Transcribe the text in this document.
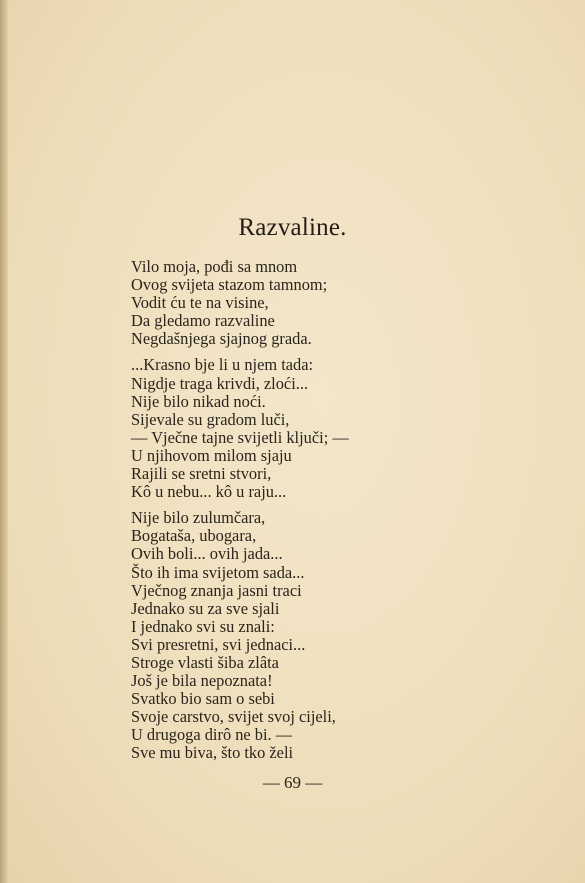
Razvaline.
Vilo moja, pođi sa mnom
Ovog svijeta stazom tamnom;
Vodit ću te na visine,
Da gledamo razvaline
Negdašnjega sjajnog grada.
...Krasno bje li u njem tada:
Nigdje traga krivdi, zloći...
Nije bilo nikad noći.
Sijevale su gradom luči,
— Vječne tajne svijetli ključi; —
U njihovom milom sjaju
Rajili se sretni stvori,
Kô u nebu... kô u raju...
Nije bilo zulumčara,
Bogataša, ubogara,
Ovih boli... ovih jada...
Što ih ima svijetom sada...
Vječnog znanja jasni traci
Jednako su za sve sjali
I jednako svi su znali:
Svi presretni, svi jednaci...
Stroge vlasti šiba zlâta
Još je bila nepoznata!
Svatko bio sam o sebi
Svoje carstvo, svijet svoj cijeli,
U drugoga dirô ne bi. —
Sve mu biva, što tko želi
— 69 —
